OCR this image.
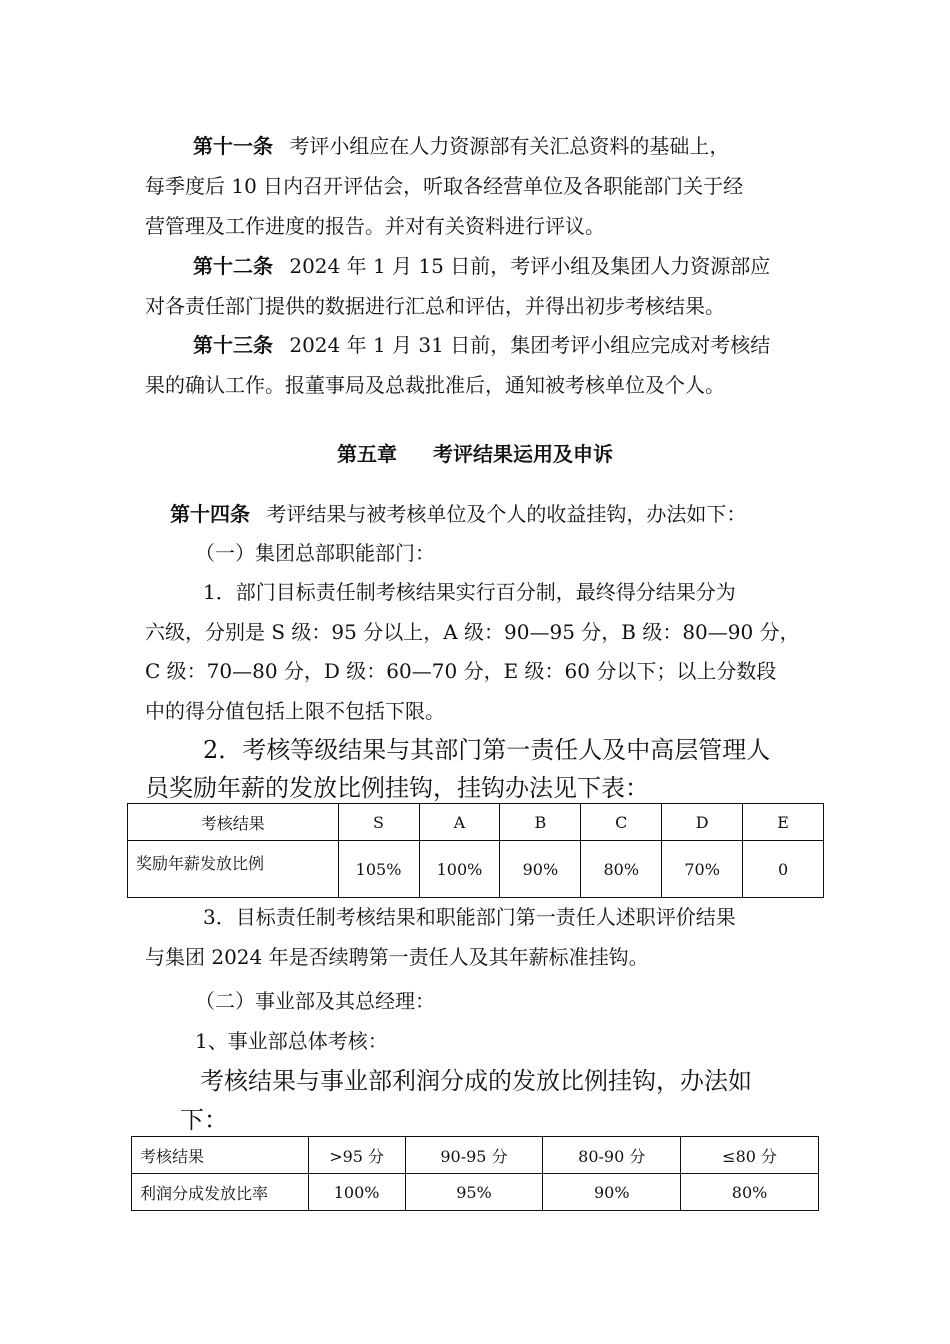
第十一条 考评小组应在人力资源部有关汇总资料的基础上，
每季度后 10 日内召开评估会，听取各经营单位及各职能部门关于经
营管理及工作进度的报告。并对有关资料进行评议。
第十二条 2024 年 1 月 15 日前，考评小组及集团人力资源部应
对各责任部门提供的数据进行汇总和评估，并得出初步考核结果。
第十三条 2024 年 1 月 31 日前，集团考评小组应完成对考核结
果的确认工作。报董事局及总裁批准后，通知被考核单位及个人。
第五章 考评结果运用及申诉
第十四条 考评结果与被考核单位及个人的收益挂钩，办法如下：
（一）集团总部职能部门：
1．部门目标责任制考核结果实行百分制，最终得分结果分为
六级，分别是 S 级：95 分以上，A 级：90—95 分，B 级：80—90 分，
C 级：70—80 分，D 级：60—70 分，E 级：60 分以下；以上分数段
中的得分值包括上限不包括下限。
2．考核等级结果与其部门第一责任人及中高层管理人
员奖励年薪的发放比例挂钩，挂钩办法见下表：
考核结果	S	A	B	C	D	E
奖励年薪发放比例	105%	100%	90%	80%	70%	0
3．目标责任制考核结果和职能部门第一责任人述职评价结果
与集团 2024 年是否续聘第一责任人及其年薪标准挂钩。
（二）事业部及其总经理：
1、事业部总体考核：
考核结果与事业部利润分成的发放比例挂钩，办法如
下：
考核结果	>95 分	90-95 分	80-90 分	≤80 分
利润分成发放比率	100%	95%	90%	80%
